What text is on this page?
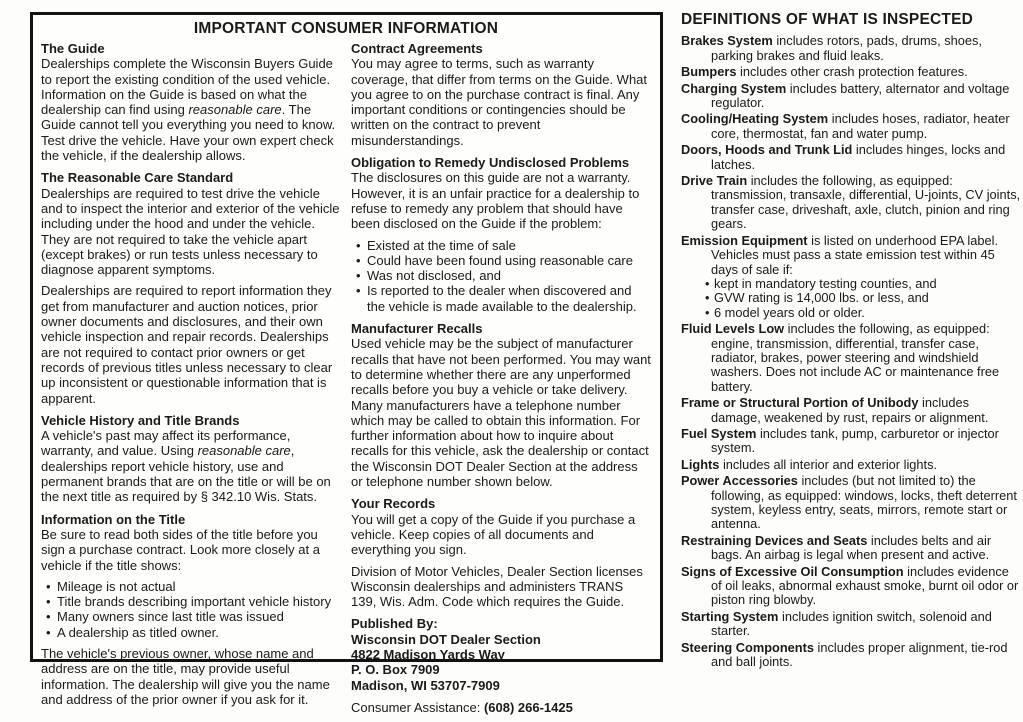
IMPORTANT CONSUMER INFORMATION
The Guide

Dealerships complete the Wisconsin Buyers Guide to report the existing condition of the used vehicle. Information on the Guide is based on what the dealership can find using reasonable care. The Guide cannot tell you everything you need to know. Test drive the vehicle. Have your own expert check the vehicle, if the dealership allows.

The Reasonable Care Standard

Dealerships are required to test drive the vehicle and to inspect the interior and exterior of the vehicle including under the hood and under the vehicle. They are not required to take the vehicle apart (except brakes) or run tests unless necessary to diagnose apparent symptoms.

Dealerships are required to report information they get from manufacturer and auction notices, prior owner documents and disclosures, and their own vehicle inspection and repair records. Dealerships are not required to contact prior owners or get records of previous titles unless necessary to clear up inconsistent or questionable information that is apparent.

Vehicle History and Title Brands

A vehicle's past may affect its performance, warranty, and value. Using reasonable care, dealerships report vehicle history, use and permanent brands that are on the title or will be on the next title as required by § 342.10 Wis. Stats.

Information on the Title

Be sure to read both sides of the title before you sign a purchase contract. Look more closely at a vehicle if the title shows:

• Mileage is not actual
• Title brands describing important vehicle history
• Many owners since last title was issued
• A dealership as titled owner.

The vehicle's previous owner, whose name and address are on the title, may provide useful information. The dealership will give you the name and address of the prior owner if you ask for it.

Contract Agreements

You may agree to terms, such as warranty coverage, that differ from terms on the Guide. What you agree to on the purchase contract is final. Any important conditions or contingencies should be written on the contract to prevent misunderstandings.

Obligation to Remedy Undisclosed Problems

The disclosures on this guide are not a warranty. However, it is an unfair practice for a dealership to refuse to remedy any problem that should have been disclosed on the Guide if the problem:

• Existed at the time of sale
• Could have been found using reasonable care
• Was not disclosed, and
• Is reported to the dealer when discovered and the vehicle is made available to the dealership.
Manufacturer Recalls

Used vehicle may be the subject of manufacturer recalls that have not been performed. You may want to determine whether there are any unperformed recalls before you buy a vehicle or take delivery. Many manufacturers have a telephone number which may be called to obtain this information. For further information about how to inquire about recalls for this vehicle, ask the dealership or contact the Wisconsin DOT Dealer Section at the address or telephone number shown below.

Your Records

You will get a copy of the Guide if you purchase a vehicle. Keep copies of all documents and everything you sign.

Division of Motor Vehicles, Dealer Section licenses Wisconsin dealerships and administers TRANS 139, Wis. Adm. Code which requires the Guide.

Published By:
Wisconsin DOT Dealer Section
4822 Madison Yards Way
P. O. Box 7909
Madison, WI 53707-7909

Consumer Assistance: (608) 266-1425

DEFINITIONS OF WHAT IS INSPECTED
Brakes System includes rotors, pads, drums, shoes, parking brakes and fluid leaks.
Bumpers includes other crash protection features.
Charging System includes battery, alternator and voltage regulator.
Cooling/Heating System includes hoses, radiator, heater core, thermostat, fan and water pump.
Doors, Hoods and Trunk Lid includes hinges, locks and latches.
Drive Train includes the following, as equipped: transmission, transaxle, differential, U-joints, CV joints, transfer case, driveshaft, axle, clutch, pinion and ring gears.
Emission Equipment is listed on underhood EPA label. Vehicles must pass a state emission test within 45 days of sale if:
• kept in mandatory testing counties, and
• GVW rating is 14,000 lbs. or less, and
• 6 model years old or older.
Fluid Levels Low includes the following, as equipped: engine, transmission, differential, transfer case, radiator, brakes, power steering and windshield washers. Does not include AC or maintenance free battery.
Frame or Structural Portion of Unibody includes damage, weakened by rust, repairs or alignment.
Fuel System includes tank, pump, carburetor or injector system.
Lights includes all interior and exterior lights.
Power Accessories includes (but not limited to) the following, as equipped: windows, locks, theft deterrent system, keyless entry, seats, mirrors, remote start or antenna.
Restraining Devices and Seats includes belts and air bags. An airbag is legal when present and active.
Signs of Excessive Oil Consumption includes evidence of oil leaks, abnormal exhaust smoke, burnt oil odor or piston ring blowby.
Starting System includes ignition switch, solenoid and starter.
Steering Components includes proper alignment, tie-rod and ball joints.
